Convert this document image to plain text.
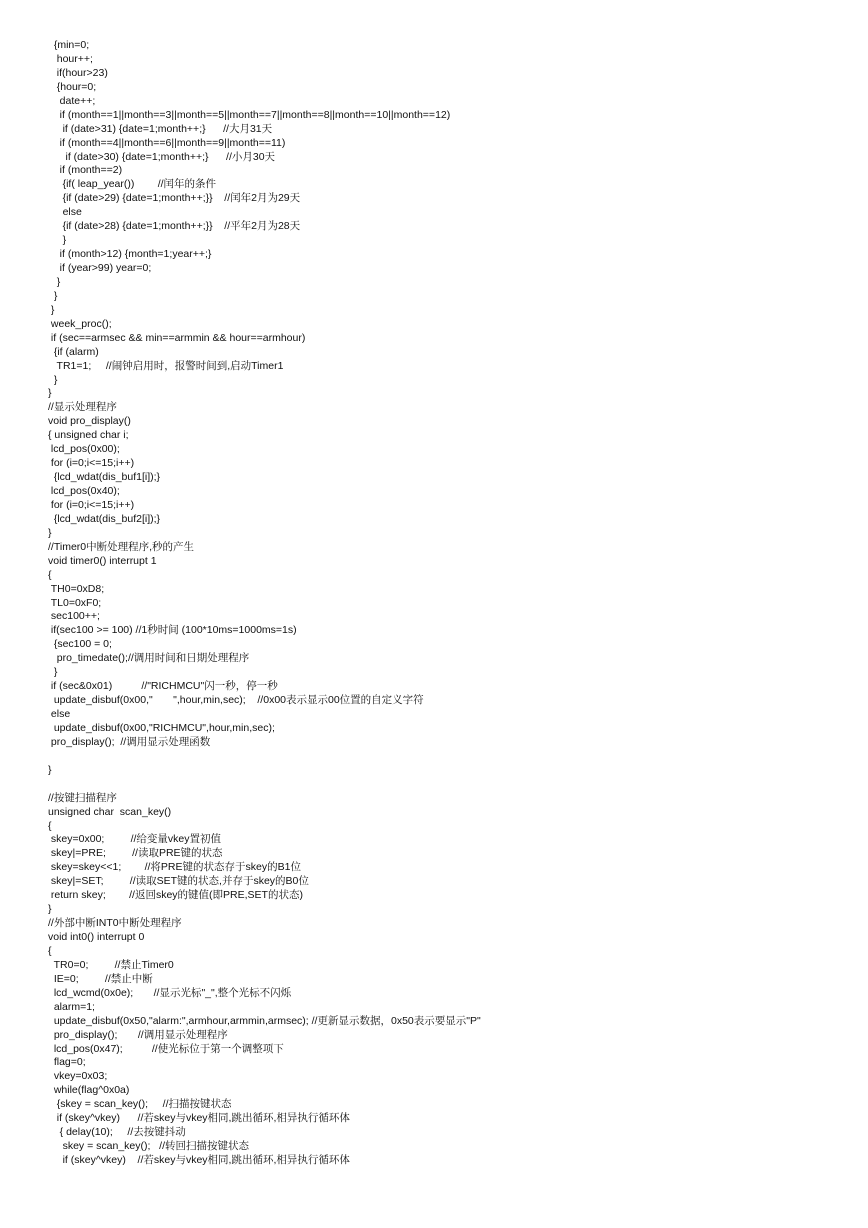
{min=0;
hour++;
if(hour>23)
{hour=0;
date++;
if (month==1||month==3||month==5||month==7||month==8||month==10||month==12)
if (date>31) {date=1;month++;}      //大月31天
if (month==4||month==6||month==9||month==11)
if (date>30) {date=1;month++;}      //小月30天
if (month==2)
{if( leap_year())        //闰年的条件
{if (date>29) {date=1;month++;}}    //闰年2月为29天
else
{if (date>28) {date=1;month++;}}    //平年2月为28天
}
if (month>12) {month=1;year++;}
if (year>99) year=0;
}
}
}
week_proc();
if (sec==armsec && min==armmin && hour==armhour)
{if (alarm)
TR1=1;     //闹钟启用时，报警时间到,启动Timer1
}
}
//显示处理程序
void pro_display()
{ unsigned char i;
lcd_pos(0x00);
for (i=0;i<=15;i++)
{lcd_wdat(dis_buf1[i]);}
lcd_pos(0x40);
for (i=0;i<=15;i++)
{lcd_wdat(dis_buf2[i]);}
}
//Timer0中断处理程序,秒的产生
void timer0() interrupt 1
{
TH0=0xD8;
TL0=0xF0;
sec100++;
if(sec100 >= 100) //1秒时间 (100*10ms=1000ms=1s)
{sec100 = 0;
pro_timedate();//调用时间和日期处理程序
}
if (sec&0x01)          //"RICHMCU"闪一秒，停一秒
update_disbuf(0x00,"       ",hour,min,sec);    //0x00表示显示00位置的自定义字符
else
update_disbuf(0x00,"RICHMCU",hour,min,sec);
pro_display();  //调用显示处理函数
}
//按键扫描程序
unsigned char  scan_key()
{
skey=0x00;         //给变量vkey置初值
skey|=PRE;         //读取PRE键的状态
skey=skey<<1;        //将PRE键的状态存于skey的B1位
skey|=SET;         //读取SET键的状态,并存于skey的B0位
return skey;        //返回skey的键值(即PRE,SET的状态)
}
//外部中断INT0中断处理程序
void int0() interrupt 0
{
TR0=0;         //禁止Timer0
IE=0;         //禁止中断
lcd_wcmd(0x0e);       //显示光标"_",整个光标不闪烁
alarm=1;
update_disbuf(0x50,"alarm:",armhour,armmin,armsec); //更新显示数据，0x50表示要显示"P"
pro_display();       //调用显示处理程序
lcd_pos(0x47);          //使光标位于第一个调整项下
flag=0;
vkey=0x03;
while(flag^0x0a)
{skey = scan_key();     //扫描按键状态
if (skey^vkey)      //若skey与vkey相同,跳出循环,相异执行循环体
{ delay(10);     //去按键抖动
skey = scan_key();   //转回扫描按键状态
if (skey^vkey)    //若skey与vkey相同,跳出循环,相异执行循环体
